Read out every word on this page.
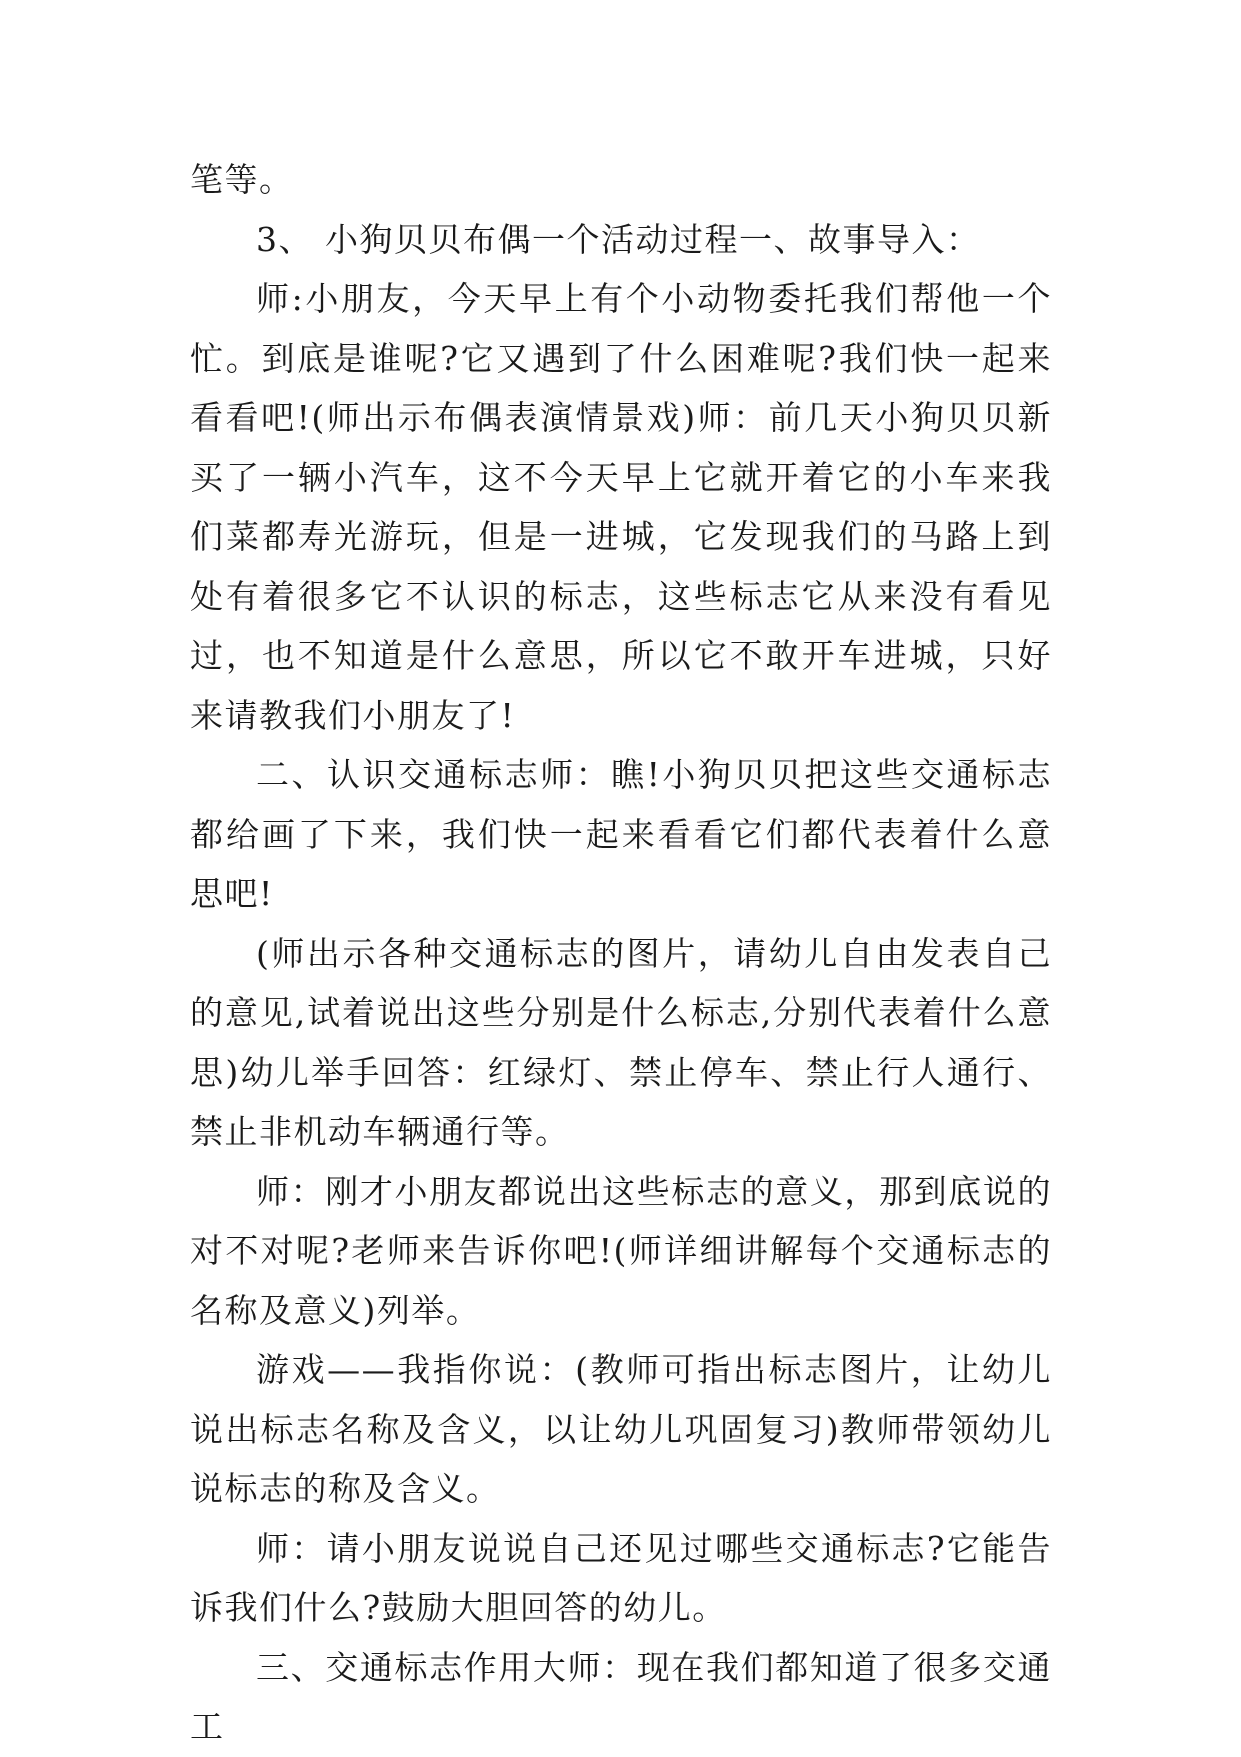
笔等。

3、 小狗贝贝布偶一个活动过程一、故事导入：

师:小朋友，今天早上有个小动物委托我们帮他一个忙。到底是谁呢?它又遇到了什么困难呢?我们快一起来看看吧!(师出示布偶表演情景戏)师：前几天小狗贝贝新买了一辆小汽车，这不今天早上它就开着它的小车来我们菜都寿光游玩，但是一进城，它发现我们的马路上到处有着很多它不认识的标志，这些标志它从来没有看见过，也不知道是什么意思，所以它不敢开车进城，只好来请教我们小朋友了!

二、认识交通标志师：瞧!小狗贝贝把这些交通标志都给画了下来，我们快一起来看看它们都代表着什么意思吧!

(师出示各种交通标志的图片，请幼儿自由发表自己的意见,试着说出这些分别是什么标志,分别代表着什么意思)幼儿举手回答：红绿灯、禁止停车、禁止行人通行、禁止非机动车辆通行等。

师：刚才小朋友都说出这些标志的意义，那到底说的对不对呢?老师来告诉你吧!(师详细讲解每个交通标志的名称及意义)列举。

游戏——我指你说：(教师可指出标志图片，让幼儿说出标志名称及含义，以让幼儿巩固复习)教师带领幼儿说标志的称及含义。

师：请小朋友说说自己还见过哪些交通标志?它能告诉我们什么?鼓励大胆回答的幼儿。

三、交通标志作用大师：现在我们都知道了很多交通工
